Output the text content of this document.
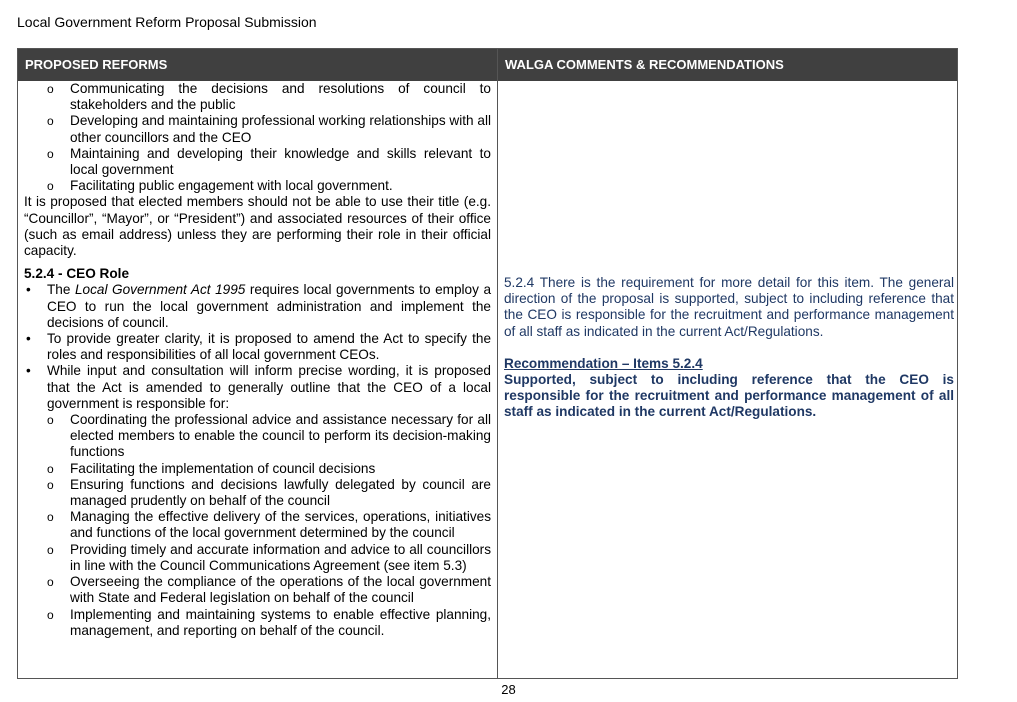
Local Government Reform Proposal Submission
PROPOSED REFORMS	WALGA COMMENTS & RECOMMENDATIONS
o Communicating the decisions and resolutions of council to stakeholders and the public
o Developing and maintaining professional working relationships with all other councillors and the CEO
o Maintaining and developing their knowledge and skills relevant to local government
o Facilitating public engagement with local government.
It is proposed that elected members should not be able to use their title (e.g. “Councillor”, “Mayor”, or “President”) and associated resources of their office (such as email address) unless they are performing their role in their official capacity.
5.2.4 - CEO Role
• The Local Government Act 1995 requires local governments to employ a CEO to run the local government administration and implement the decisions of council.
• To provide greater clarity, it is proposed to amend the Act to specify the roles and responsibilities of all local government CEOs.
• While input and consultation will inform precise wording, it is proposed that the Act is amended to generally outline that the CEO of a local government is responsible for:
o Coordinating the professional advice and assistance necessary for all elected members to enable the council to perform its decision-making functions
o Facilitating the implementation of council decisions
o Ensuring functions and decisions lawfully delegated by council are managed prudently on behalf of the council
o Managing the effective delivery of the services, operations, initiatives and functions of the local government determined by the council
o Providing timely and accurate information and advice to all councillors in line with the Council Communications Agreement (see item 5.3)
o Overseeing the compliance of the operations of the local government with State and Federal legislation on behalf of the council
o Implementing and maintaining systems to enable effective planning, management, and reporting on behalf of the council.
5.2.4 There is the requirement for more detail for this item. The general direction of the proposal is supported, subject to including reference that the CEO is responsible for the recruitment and performance management of all staff as indicated in the current Act/Regulations.
Recommendation – Items 5.2.4
Supported, subject to including reference that the CEO is responsible for the recruitment and performance management of all staff as indicated in the current Act/Regulations.
28
